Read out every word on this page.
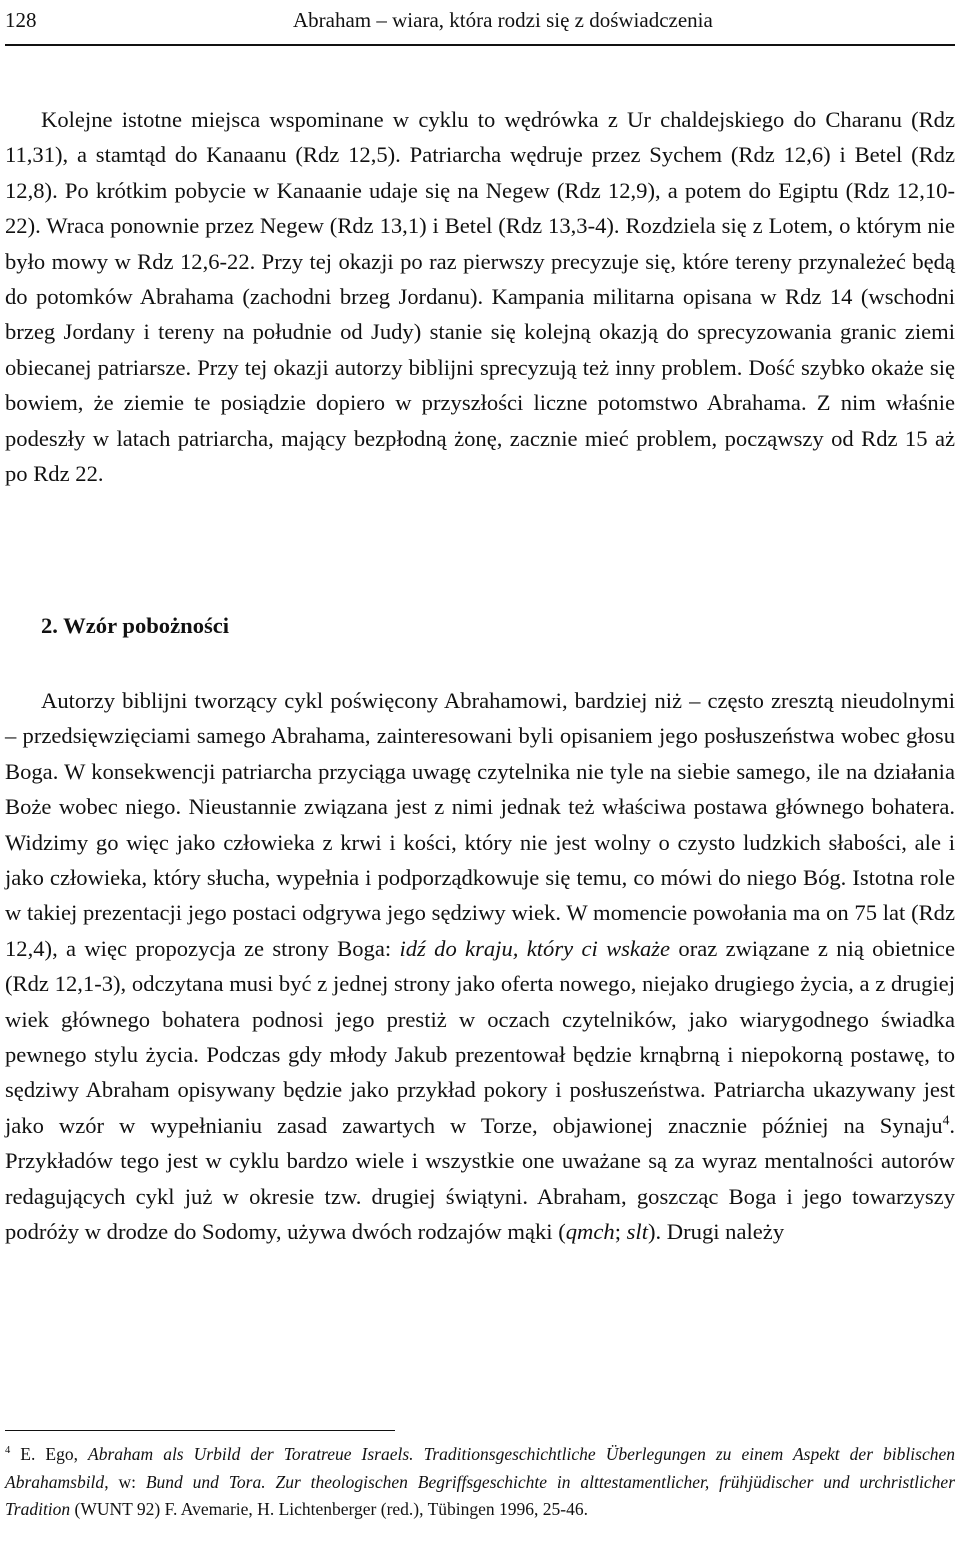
128	Abraham – wiara, która rodzi się z doświadczenia

Kolejne istotne miejsca wspominane w cyklu to wędrówka z Ur chaldejskiego do Charanu (Rdz 11,31), a stamtąd do Kanaanu (Rdz 12,5). Patriarcha wędruje przez Sychem (Rdz 12,6) i Betel (Rdz 12,8). Po krótkim pobycie w Kanaanie udaje się na Negew (Rdz 12,9), a potem do Egiptu (Rdz 12,10-22). Wraca ponownie przez Negew (Rdz 13,1) i Betel (Rdz 13,3-4). Rozdziela się z Lotem, o którym nie było mowy w Rdz 12,6-22. Przy tej okazji po raz pierwszy precyzuje się, które tereny przynależeć będą do potomków Abrahama (zachodni brzeg Jordanu). Kampania militarna opisana w Rdz 14 (wschodni brzeg Jordany i tereny na południe od Judy) stanie się kolejną okazją do sprecyzowania granic ziemi obiecanej patriarsze. Przy tej okazji autorzy biblijni sprecyzują też inny problem. Dość szybko okaże się bowiem, że ziemie te posiądzie dopiero w przyszłości liczne potomstwo Abrahama. Z nim właśnie podeszły w latach patriarcha, mający bezpłodną żonę, zacznie mieć problem, począwszy od Rdz 15 aż po Rdz 22.

2. Wzór pobożności

Autorzy biblijni tworzący cykl poświęcony Abrahamowi, bardziej niż – często zresztą nieudolnymi – przedsięwzięciami samego Abrahama, zainteresowani byli opisaniem jego posłuszeństwa wobec głosu Boga. W konsekwencji patriarcha przyciąga uwagę czytelnika nie tyle na siebie samego, ile na działania Boże wobec niego. Nieustannie związana jest z nimi jednak też właściwa postawa głównego bohatera. Widzimy go więc jako człowieka z krwi i kości, który nie jest wolny o czysto ludzkich słabości, ale i jako człowieka, który słucha, wypełnia i podporządkowuje się temu, co mówi do niego Bóg. Istotna role w takiej prezentacji jego postaci odgrywa jego sędziwy wiek. W momencie powołania ma on 75 lat (Rdz 12,4), a więc propozycja ze strony Boga: idź do kraju, który ci wskaże oraz związane z nią obietnice (Rdz 12,1-3), odczytana musi być z jednej strony jako oferta nowego, niejako drugiego życia, a z drugiej wiek głównego bohatera podnosi jego prestiż w oczach czytelników, jako wiarygodnego świadka pewnego stylu życia. Podczas gdy młody Jakub prezentował będzie krnąbrną i niepokorną postawę, to sędziwy Abraham opisywany będzie jako przykład pokory i posłuszeństwa. Patriarcha ukazywany jest jako wzór w wypełnianiu zasad zawartych w Torze, objawionej znacznie później na Synaju$^4$. Przykładów tego jest w cyklu bardzo wiele i wszystkie one uważane są za wyraz mentalności autorów redagujących cykl już w okresie tzw. drugiej świątyni. Abraham, goszcząc Boga i jego towarzyszy podróży w drodze do Sodomy, używa dwóch rodzajów mąki (qmch; slt). Drugi należy

$^4$ E. Ego, Abraham als Urbild der Toratreue Israels. Traditionsgeschichtliche Überlegungen zu einem Aspekt der biblischen Abrahamsbild, w: Bund und Tora. Zur theologischen Begriffsgeschichte in alttestamentlicher, frühjüdischer und urchristlicher Tradition (WUNT 92) F. Avemarie, H. Lichtenberger (red.), Tübingen 1996, 25-46.
